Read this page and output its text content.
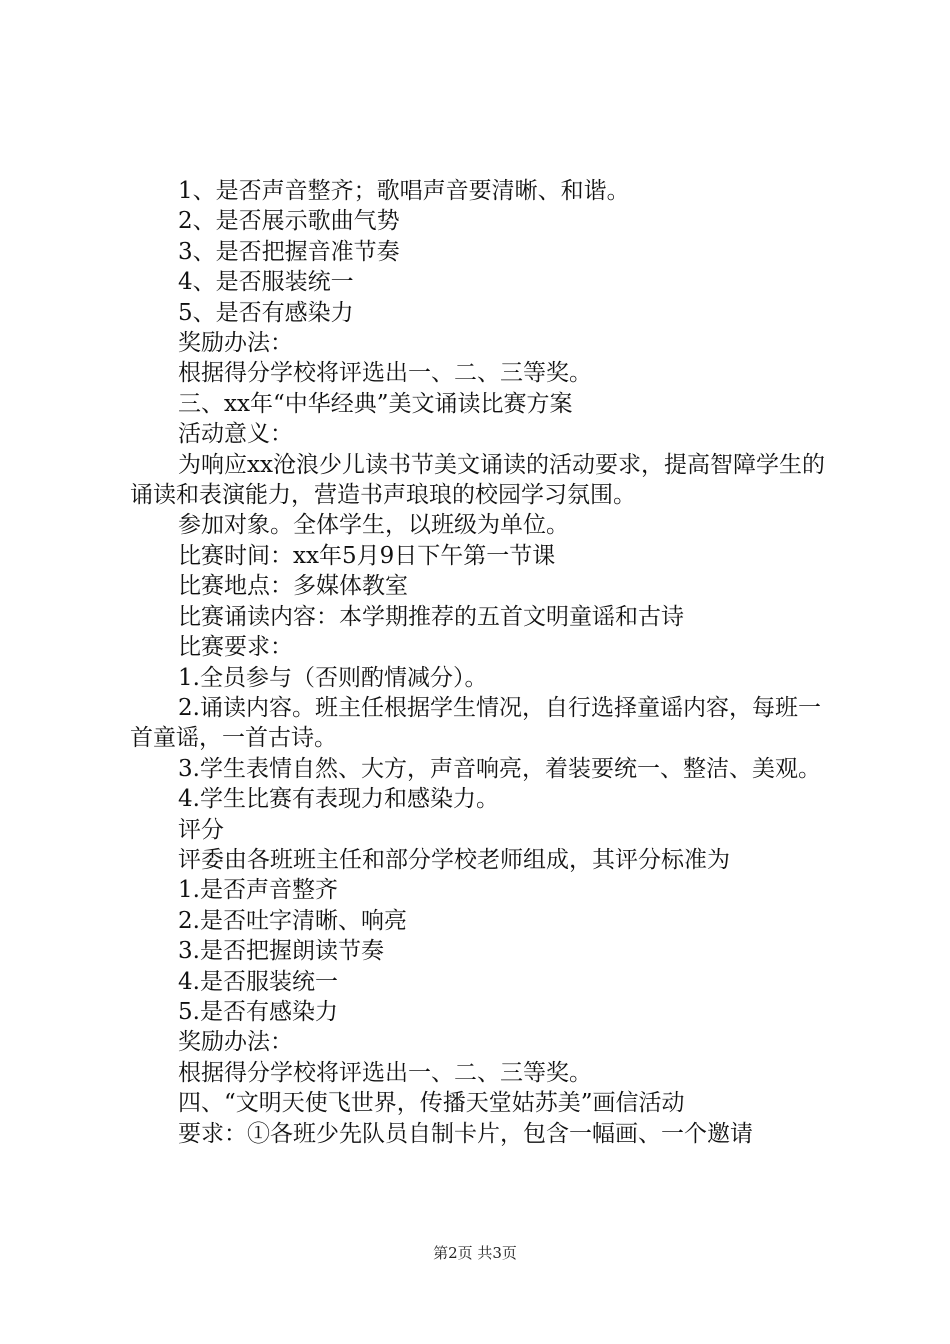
1、是否声音整齐；歌唱声音要清晰、和谐。

2、是否展示歌曲气势

3、是否把握音准节奏

4、是否服装统一

5、是否有感染力

奖励办法：

根据得分学校将评选出一、二、三等奖。

三、xx年“中华经典”美文诵读比赛方案

活动意义：

为响应xx沧浪少儿读书节美文诵读的活动要求，提高智障学生的诵读和表演能力，营造书声琅琅的校园学习氛围。

参加对象。全体学生，以班级为单位。

比赛时间：xx年5月9日下午第一节课

比赛地点：多媒体教室

比赛诵读内容：本学期推荐的五首文明童谣和古诗

比赛要求：

1.全员参与（否则酌情减分）。

2.诵读内容。班主任根据学生情况，自行选择童谣内容，每班一首童谣，一首古诗。

3.学生表情自然、大方，声音响亮，着装要统一、整洁、美观。

4.学生比赛有表现力和感染力。

评分

评委由各班班主任和部分学校老师组成，其评分标准为

1.是否声音整齐

2.是否吐字清晰、响亮

3.是否把握朗读节奏

4.是否服装统一

5.是否有感染力

奖励办法：

根据得分学校将评选出一、二、三等奖。

四、“文明天使飞世界，传播天堂姑苏美”画信活动

要求：①各班少先队员自制卡片，包含一幅画、一个邀请

第2页 共3页
